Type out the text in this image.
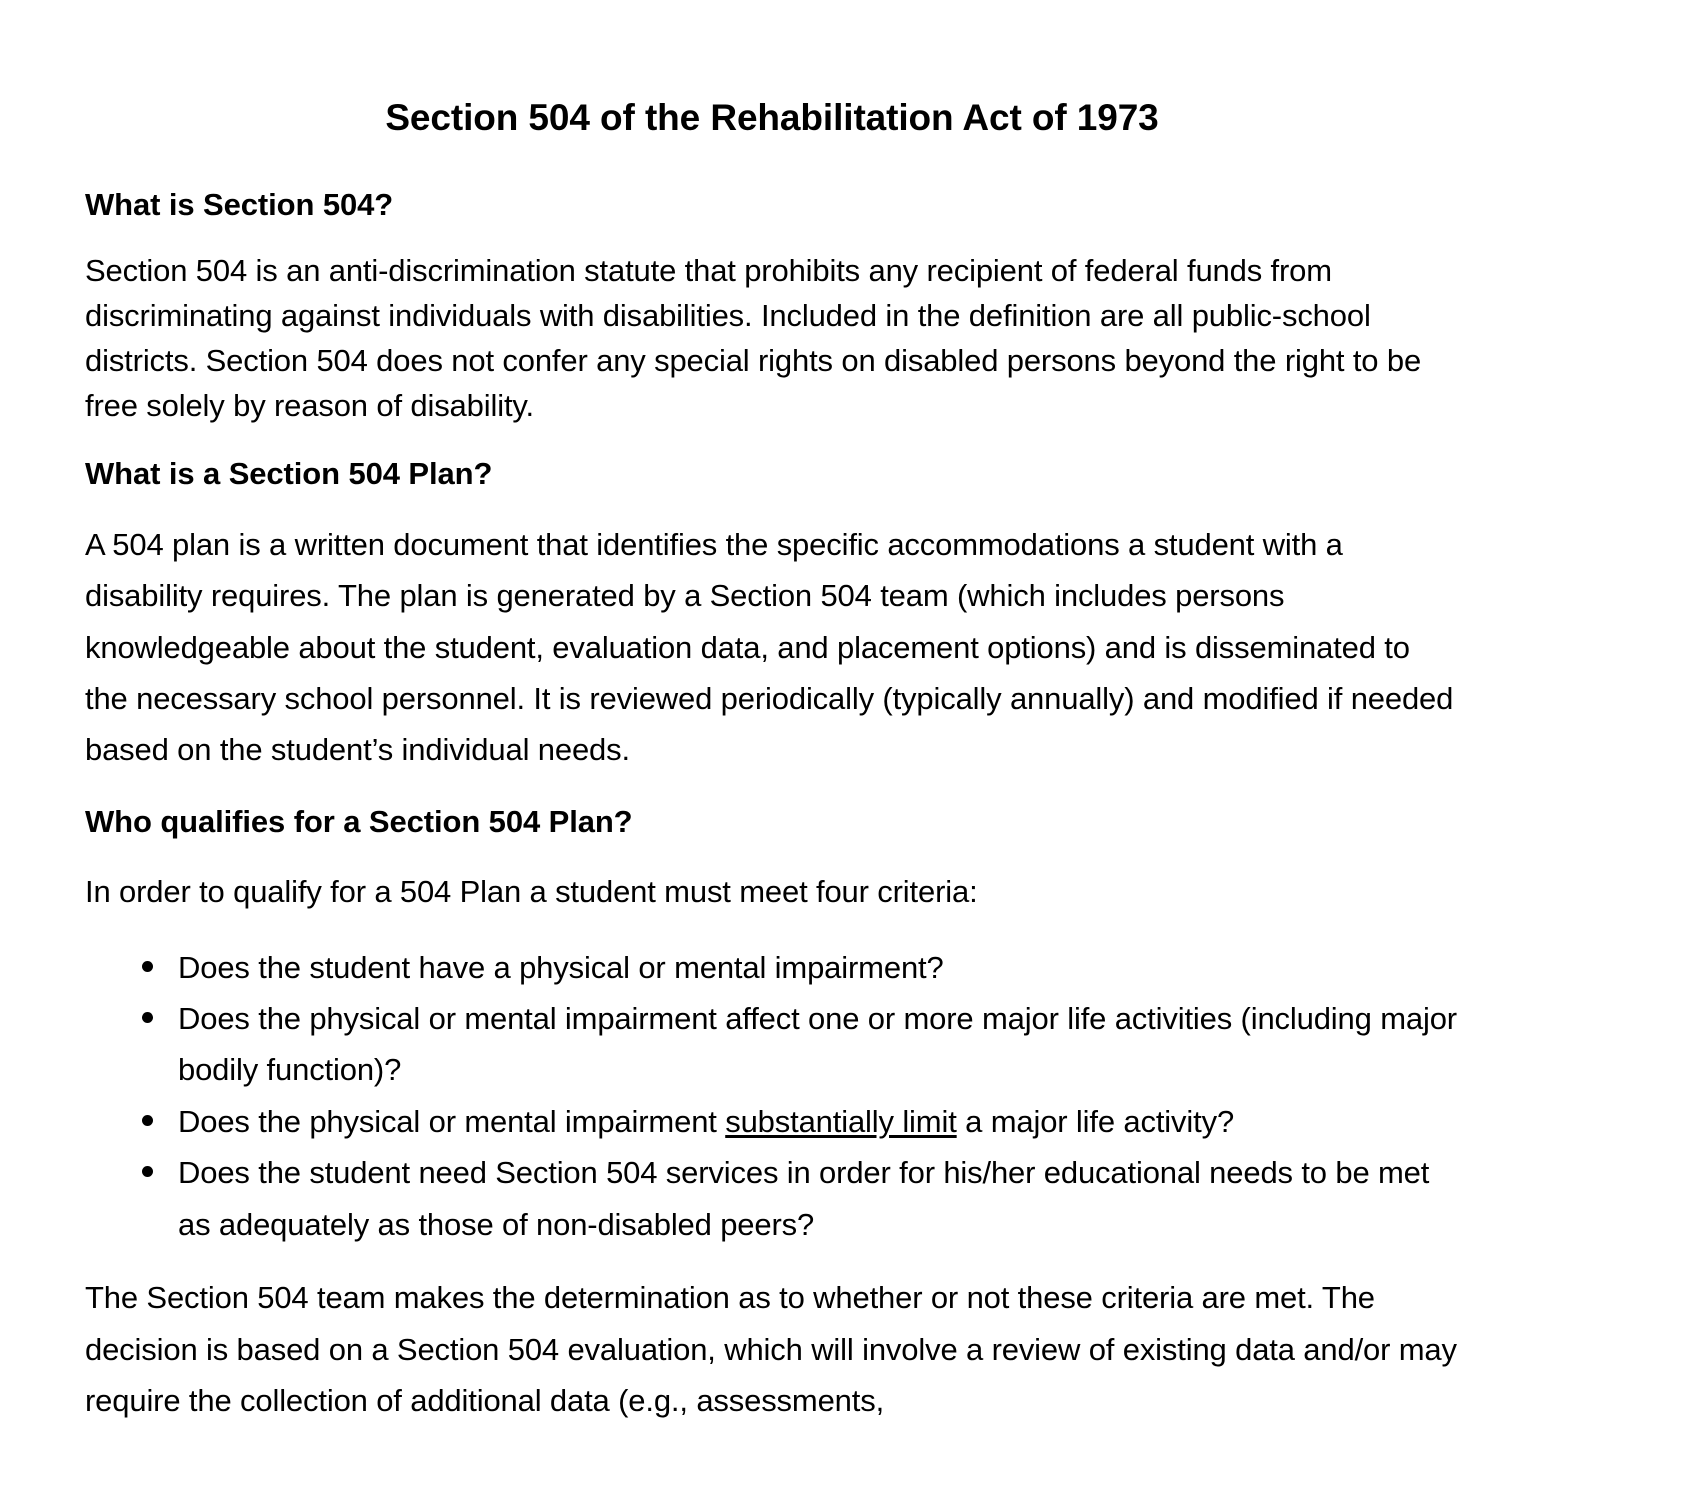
Section 504 of the Rehabilitation Act of 1973
What is Section 504?

Section 504 is an anti-discrimination statute that prohibits any recipient of federal funds from discriminating against individuals with disabilities. Included in the definition are all public-school districts. Section 504 does not confer any special rights on disabled persons beyond the right to be free solely by reason of disability.

What is a Section 504 Plan?

A 504 plan is a written document that identifies the specific accommodations a student with a disability requires. The plan is generated by a Section 504 team (which includes persons knowledgeable about the student, evaluation data, and placement options) and is disseminated to the necessary school personnel. It is reviewed periodically (typically annually) and modified if needed based on the student’s individual needs.

Who qualifies for a Section 504 Plan?

In order to qualify for a 504 Plan a student must meet four criteria:

Does the student have a physical or mental impairment?
Does the physical or mental impairment affect one or more major life activities (including major bodily function)?
Does the physical or mental impairment substantially limit a major life activity?
Does the student need Section 504 services in order for his/her educational needs to be met as adequately as those of non-disabled peers?

The Section 504 team makes the determination as to whether or not these criteria are met. The decision is based on a Section 504 evaluation, which will involve a review of existing data and/or may require the collection of additional data (e.g., assessments,
